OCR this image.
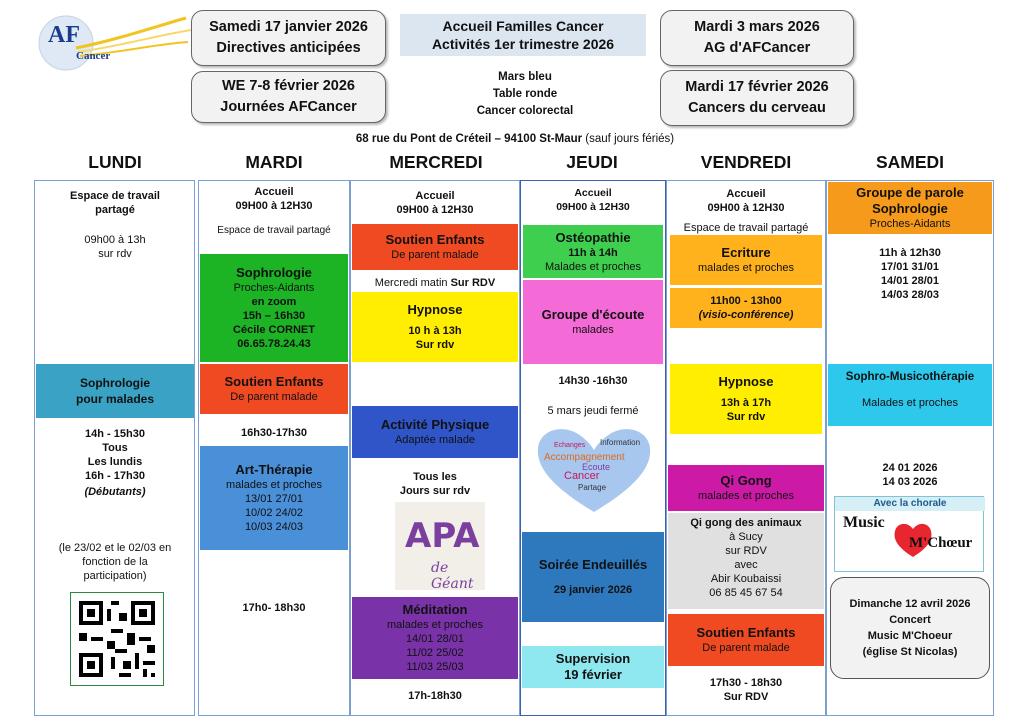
AF
Cancer
Samedi 17 janvier 2026
Directives anticipées
WE 7-8 février 2026
Journées AFCancer
Accueil Familles Cancer
Activités 1er trimestre 2026
Mars bleu
Table ronde
Cancer colorectal
Mardi 3 mars 2026
AG d'AFCancer
Mardi 17 février 2026
Cancers du cerveau
68 rue du Pont de Créteil – 94100 St-Maur (sauf jours fériés)
LUNDI	MARDI	MERCREDI	JEUDI	VENDREDI	SAMEDI
Espace de travail
partagé
09h00 à 13h
sur rdv
Sophrologie
pour malades
14h - 15h30
Tous
Les lundis
16h - 17h30
(Débutants)
(le 23/02 et le 02/03 en
fonction de la
participation)
Accueil
09H00 à 12H30
Espace de travail partagé
Sophrologie
Proches-Aidants
en zoom
15h – 16h30
Cécile CORNET
06.65.78.24.43
Soutien Enfants
De parent malade
16h30-17h30
Art-Thérapie
malades et proches
13/01 27/01
10/02 24/02
10/03 24/03
17h0- 18h30
Accueil
09H00 à 12H30
Soutien Enfants
De parent malade
Mercredi matin Sur RDV
Hypnose
10 h à 13h
Sur rdv
Activité Physique
Adaptée malade
Tous les
Jours sur rdv
APA
de Géant
Méditation
malades et proches
14/01 28/01
11/02 25/02
11/03 25/03
17h-18h30
Accueil
09H00 à 12H30
Ostéopathie
11h à 14h
Malades et proches
Groupe d'écoute
malades
14h30 -16h30
5 mars jeudi fermé
Echanges Information
Accompagnement
Ecoute
Cancer
Partage
Soirée Endeuillés
29 janvier 2026
Supervision
19 février
Accueil
09H00 à 12H30
Espace de travail partagé
Ecriture
malades et proches
11h00 - 13h00
(visio-conférence)
Hypnose
13h à 17h
Sur rdv
Qi Gong
malades et proches
Qi gong des animaux
à Sucy
sur RDV
avec
Abir Koubaissi
06 85 45 67 54
Soutien Enfants
De parent malade
17h30 - 18h30
Sur RDV
Groupe de parole
Sophrologie
Proches-Aidants
11h à 12h30
17/01 31/01
14/01 28/01
14/03 28/03
Sophro-Musicothérapie
Malades et proches
24 01 2026
14 03 2026
Avec la chorale
Music
M'Chœur
Dimanche 12 avril 2026
Concert
Music M'Choeur
(église St Nicolas)
